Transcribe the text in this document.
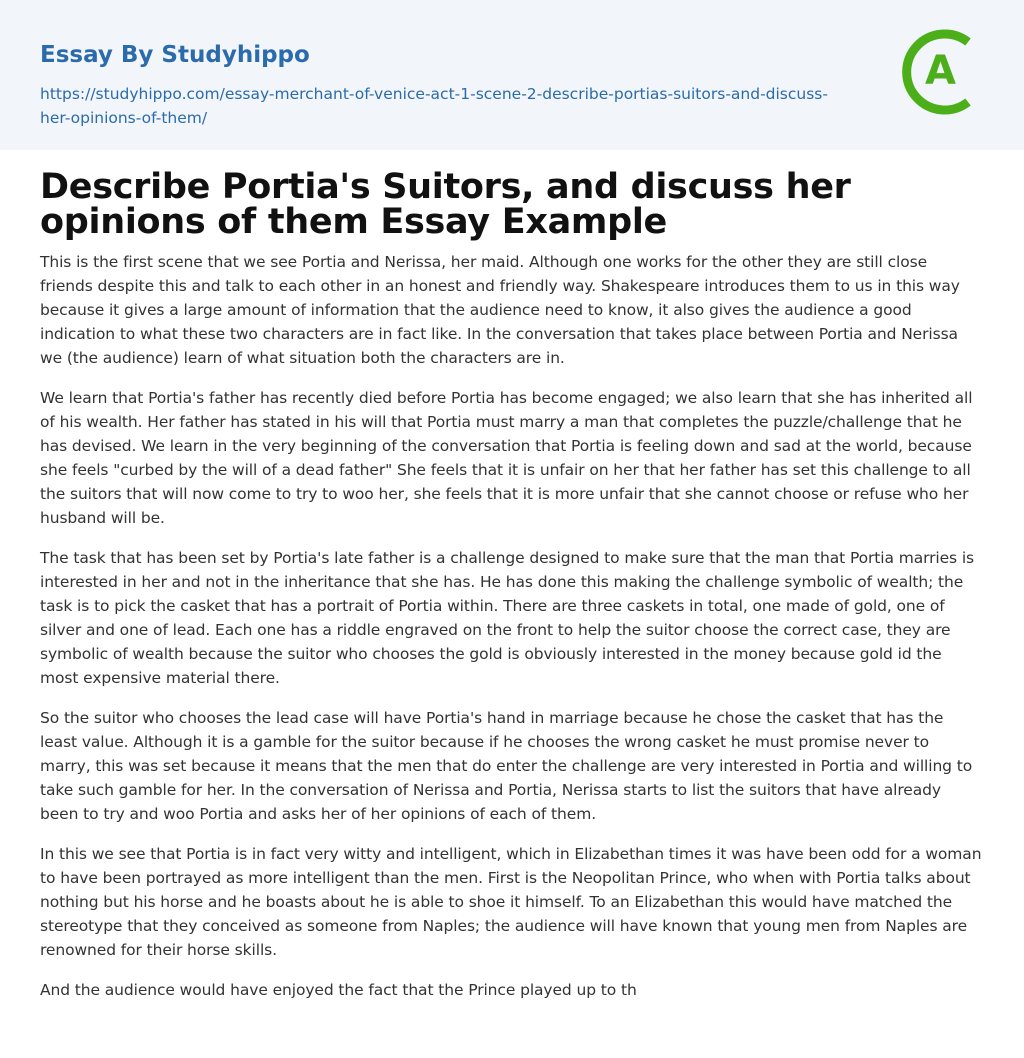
Essay By Studyhippo
https://studyhippo.com/essay-merchant-of-venice-act-1-scene-2-describe-portias-suitors-and-discuss-her-opinions-of-them/
A
Describe Portia's Suitors, and discuss her opinions of them Essay Example

This is the first scene that we see Portia and Nerissa, her maid. Although one works for the other they are still close friends despite this and talk to each other in an honest and friendly way. Shakespeare introduces them to us in this way because it gives a large amount of information that the audience need to know, it also gives the audience a good indication to what these two characters are in fact like. In the conversation that takes place between Portia and Nerissa we (the audience) learn of what situation both the characters are in.

We learn that Portia's father has recently died before Portia has become engaged; we also learn that she has inherited all of his wealth. Her father has stated in his will that Portia must marry a man that completes the puzzle/challenge that he has devised. We learn in the very beginning of the conversation that Portia is feeling down and sad at the world, because she feels "curbed by the will of a dead father" She feels that it is unfair on her that her father has set this challenge to all the suitors that will now come to try to woo her, she feels that it is more unfair that she cannot choose or refuse who her husband will be.

The task that has been set by Portia's late father is a challenge designed to make sure that the man that Portia marries is interested in her and not in the inheritance that she has. He has done this making the challenge symbolic of wealth; the task is to pick the casket that has a portrait of Portia within. There are three caskets in total, one made of gold, one of silver and one of lead. Each one has a riddle engraved on the front to help the suitor choose the correct case, they are symbolic of wealth because the suitor who chooses the gold is obviously interested in the money because gold id the most expensive material there.

So the suitor who chooses the lead case will have Portia's hand in marriage because he chose the casket that has the least value. Although it is a gamble for the suitor because if he chooses the wrong casket he must promise never to marry, this was set because it means that the men that do enter the challenge are very interested in Portia and willing to take such gamble for her. In the conversation of Nerissa and Portia, Nerissa starts to list the suitors that have already been to try and woo Portia and asks her of her opinions of each of them.

In this we see that Portia is in fact very witty and intelligent, which in Elizabethan times it was have been odd for a woman to have been portrayed as more intelligent than the men. First is the Neopolitan Prince, who when with Portia talks about nothing but his horse and he boasts about he is able to shoe it himself. To an Elizabethan this would have matched the stereotype that they conceived as someone from Naples; the audience will have known that young men from Naples are renowned for their horse skills.

And the audience would have enjoyed the fact that the Prince played up to th
